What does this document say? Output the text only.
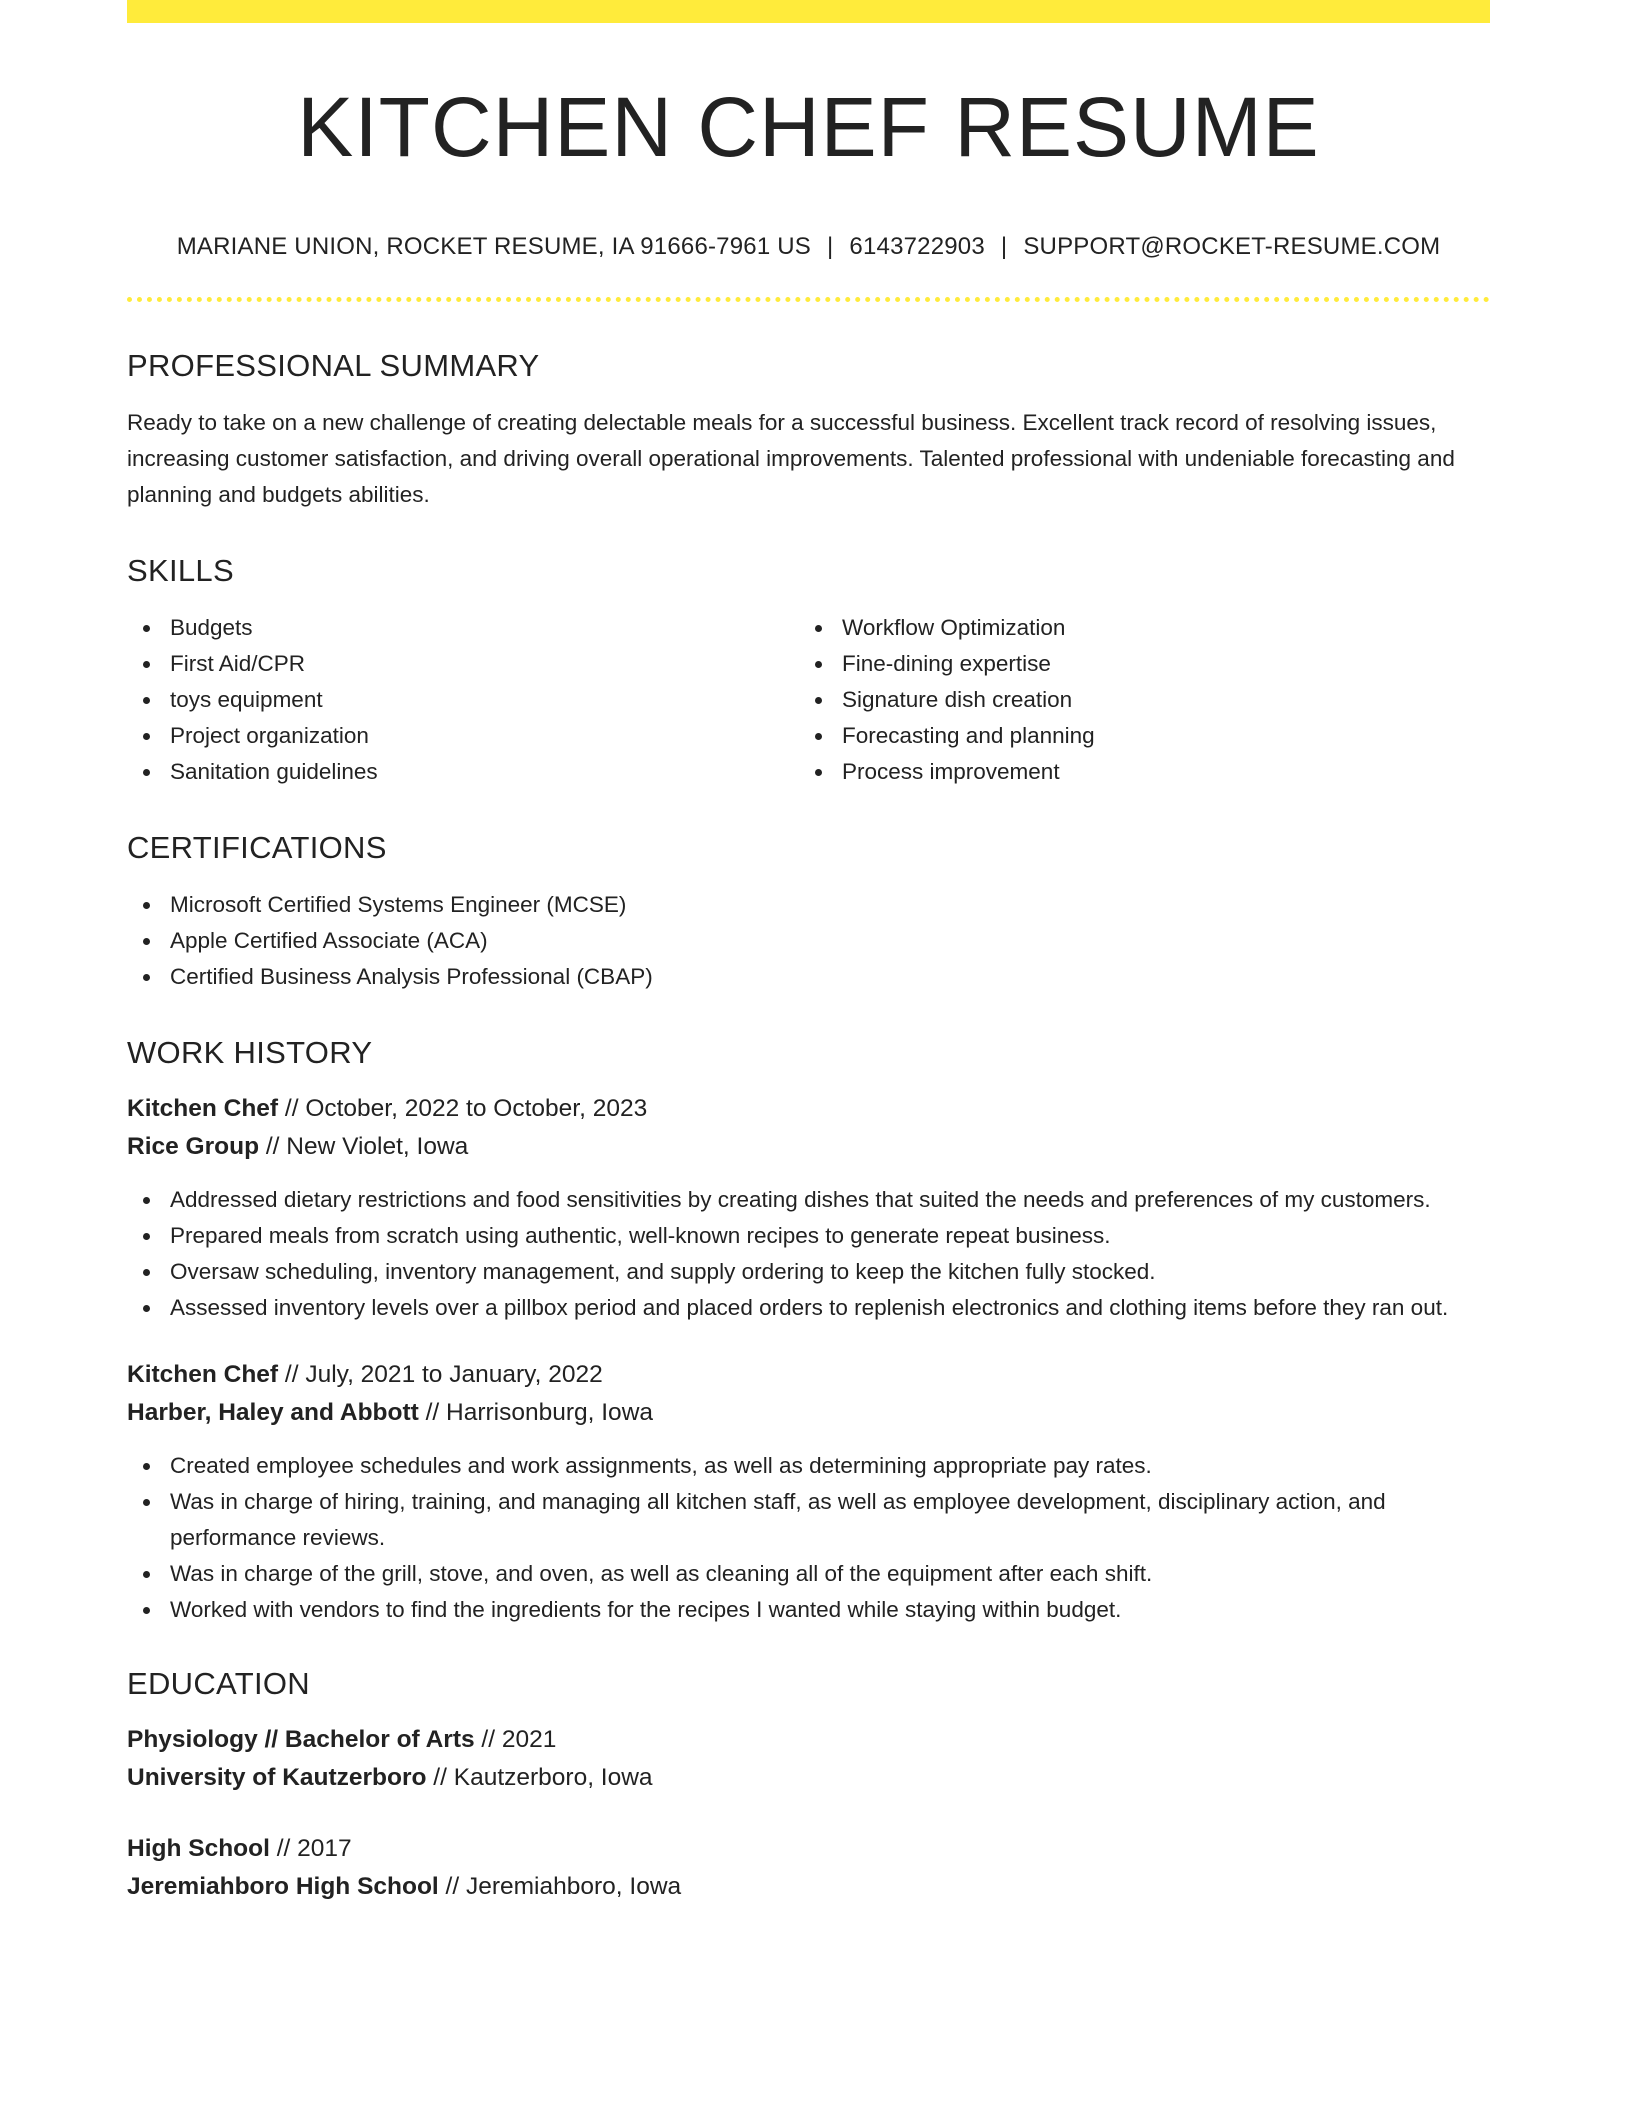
KITCHEN CHEF RESUME
MARIANE UNION, ROCKET RESUME, IA 91666-7961 US | 6143722903 | SUPPORT@ROCKET-RESUME.COM
PROFESSIONAL SUMMARY

Ready to take on a new challenge of creating delectable meals for a successful business. Excellent track record of resolving issues, increasing customer satisfaction, and driving overall operational improvements. Talented professional with undeniable forecasting and planning and budgets abilities.

SKILLS
Budgets
First Aid/CPR
toys equipment
Project organization
Sanitation guidelines
Workflow Optimization
Fine-dining expertise
Signature dish creation
Forecasting and planning
Process improvement
CERTIFICATIONS
Microsoft Certified Systems Engineer (MCSE)
Apple Certified Associate (ACA)
Certified Business Analysis Professional (CBAP)
WORK HISTORY
Kitchen Chef // October, 2022 to October, 2023
Rice Group // New Violet, Iowa
Addressed dietary restrictions and food sensitivities by creating dishes that suited the needs and preferences of my customers.
Prepared meals from scratch using authentic, well-known recipes to generate repeat business.
Oversaw scheduling, inventory management, and supply ordering to keep the kitchen fully stocked.
Assessed inventory levels over a pillbox period and placed orders to replenish electronics and clothing items before they ran out.
Kitchen Chef // July, 2021 to January, 2022
Harber, Haley and Abbott // Harrisonburg, Iowa
Created employee schedules and work assignments, as well as determining appropriate pay rates.
Was in charge of hiring, training, and managing all kitchen staff, as well as employee development, disciplinary action, and performance reviews.
Was in charge of the grill, stove, and oven, as well as cleaning all of the equipment after each shift.
Worked with vendors to find the ingredients for the recipes I wanted while staying within budget.
EDUCATION
Physiology // Bachelor of Arts // 2021
University of Kautzerboro // Kautzerboro, Iowa
High School // 2017
Jeremiahboro High School // Jeremiahboro, Iowa
